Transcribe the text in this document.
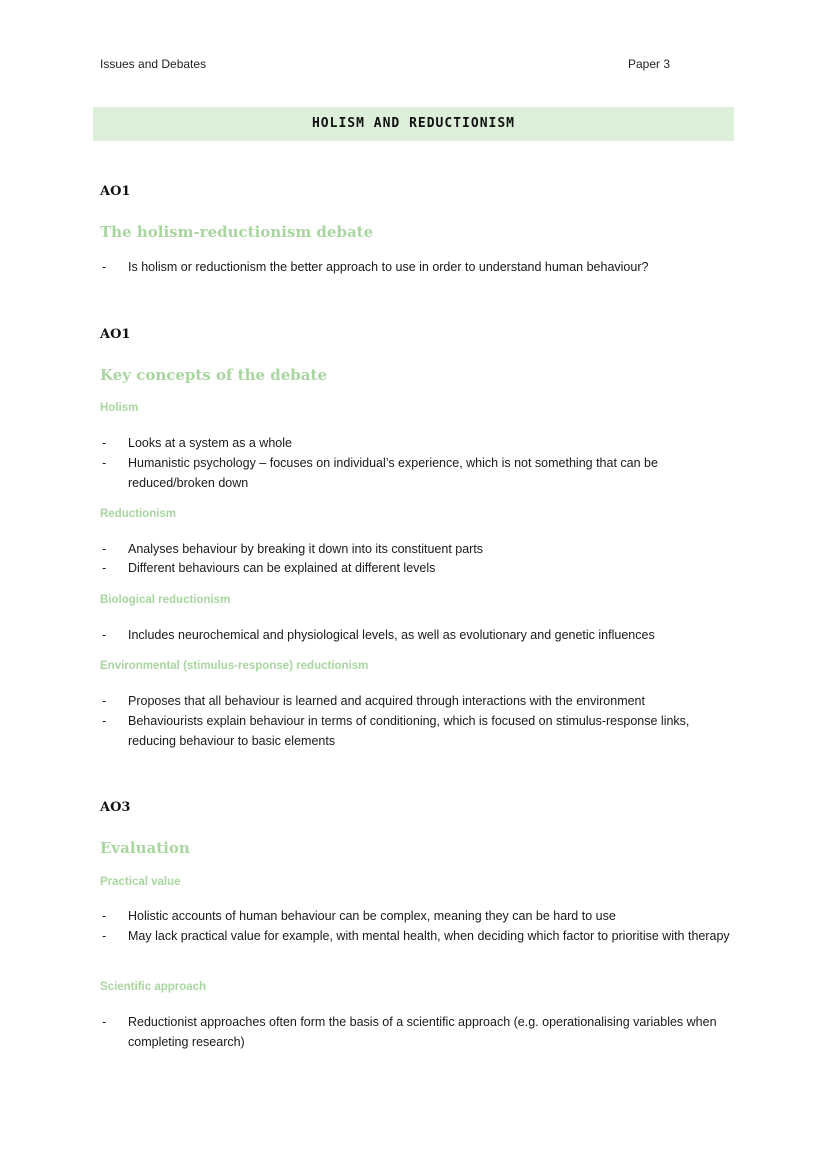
Issues and Debates	Paper 3
HOLISM AND REDUCTIONISM
AO1
The holism-reductionism debate
- Is holism or reductionism the better approach to use in order to understand human behaviour?
AO1
Key concepts of the debate
Holism
- Looks at a system as a whole
- Humanistic psychology – focuses on individual’s experience, which is not something that can be reduced/broken down
Reductionism
- Analyses behaviour by breaking it down into its constituent parts
- Different behaviours can be explained at different levels
Biological reductionism
- Includes neurochemical and physiological levels, as well as evolutionary and genetic influences
Environmental (stimulus-response) reductionism
- Proposes that all behaviour is learned and acquired through interactions with the environment
- Behaviourists explain behaviour in terms of conditioning, which is focused on stimulus-response links, reducing behaviour to basic elements
AO3
Evaluation
Practical value
- Holistic accounts of human behaviour can be complex, meaning they can be hard to use
- May lack practical value for example, with mental health, when deciding which factor to prioritise with therapy
Scientific approach
- Reductionist approaches often form the basis of a scientific approach (e.g. operationalising variables when completing research)
